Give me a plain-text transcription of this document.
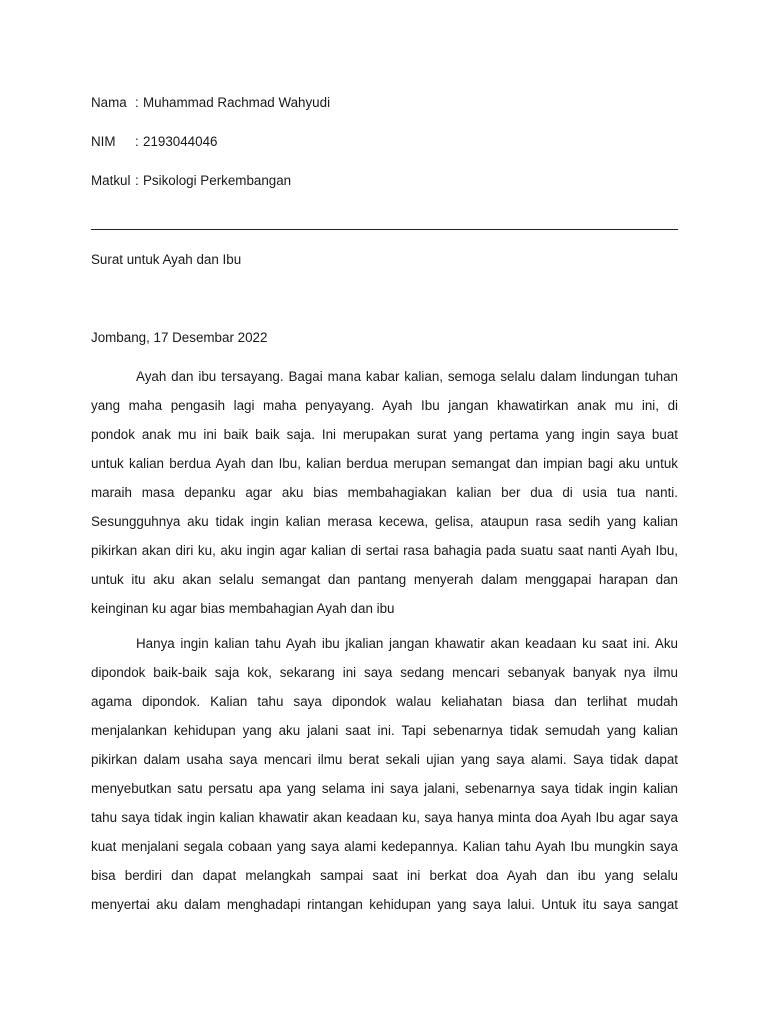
Nama : Muhammad Rachmad Wahyudi
NIM	: 2193044046
Matkul : Psikologi Perkembangan
Surat untuk Ayah dan Ibu
Jombang, 17 Desembar 2022
Ayah dan ibu tersayang. Bagai mana kabar kalian, semoga selalu dalam lindungan tuhan
yang maha pengasih lagi maha penyayang. Ayah Ibu jangan khawatirkan anak mu ini, di
pondok anak mu ini baik baik saja. Ini merupakan surat yang pertama yang ingin saya buat
untuk kalian berdua Ayah dan Ibu, kalian berdua merupan semangat dan impian bagi aku untuk
maraih masa depanku agar aku bias membahagiakan kalian ber dua di usia tua nanti.
Sesungguhnya aku tidak ingin kalian merasa kecewa, gelisa, ataupun rasa sedih yang kalian
pikirkan akan diri ku, aku ingin agar kalian di sertai rasa bahagia pada suatu saat nanti Ayah Ibu,
untuk itu aku akan selalu semangat dan pantang menyerah dalam menggapai harapan dan
keinginan ku agar bias membahagian Ayah dan ibu
Hanya ingin kalian tahu Ayah ibu jkalian jangan khawatir akan keadaan ku saat ini. Aku
dipondok baik-baik saja kok, sekarang ini saya sedang mencari sebanyak banyak nya ilmu
agama dipondok. Kalian tahu saya dipondok walau keliahatan biasa dan terlihat mudah
menjalankan kehidupan yang aku jalani saat ini. Tapi sebenarnya tidak semudah yang kalian
pikirkan dalam usaha saya mencari ilmu berat sekali ujian yang saya alami. Saya tidak dapat
menyebutkan satu persatu apa yang selama ini saya jalani, sebenarnya saya tidak ingin kalian
tahu saya tidak ingin kalian khawatir akan keadaan ku, saya hanya minta doa Ayah Ibu agar saya
kuat menjalani segala cobaan yang saya alami kedepannya. Kalian tahu Ayah Ibu mungkin saya
bisa berdiri dan dapat melangkah sampai saat ini berkat doa Ayah dan ibu yang selalu
menyertai aku dalam menghadapi rintangan kehidupan yang saya lalui. Untuk itu saya sangat
